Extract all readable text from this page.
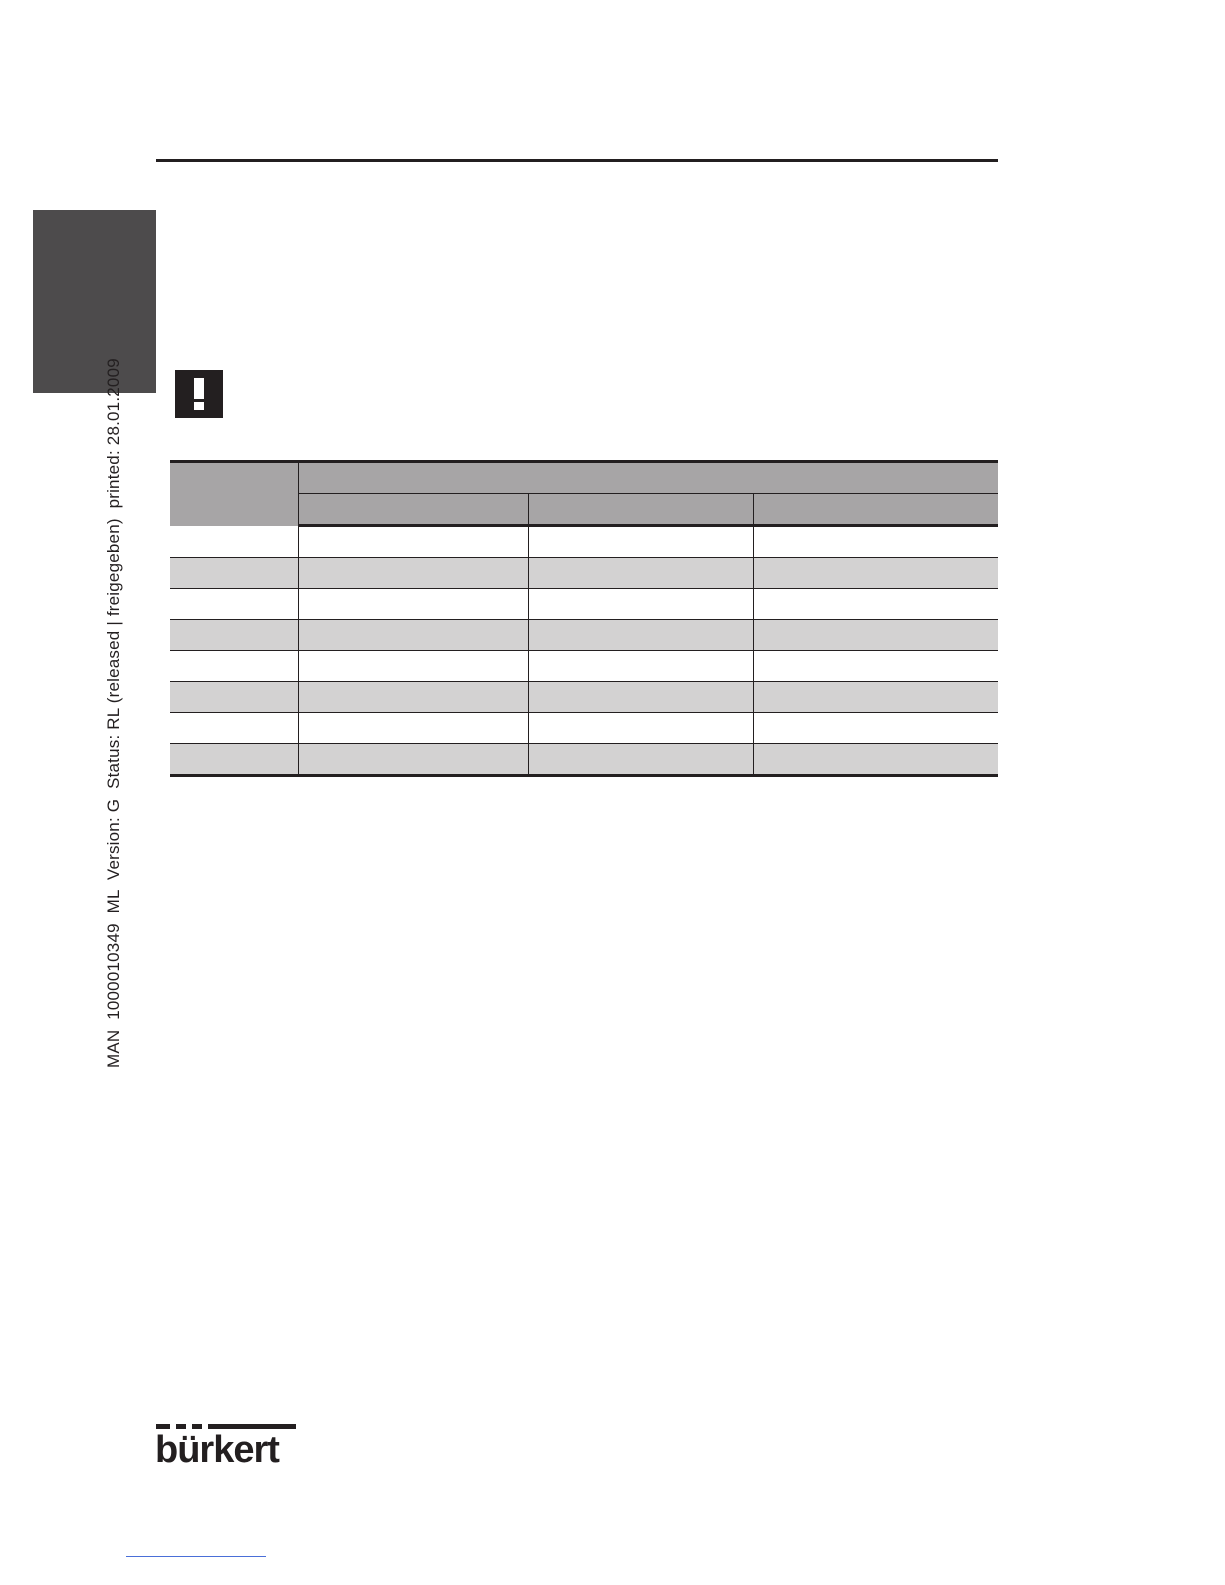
MAN  1000010349  ML  Version: G  Status: RL (released | freigegeben)  printed: 28.01.2009

bürkert
